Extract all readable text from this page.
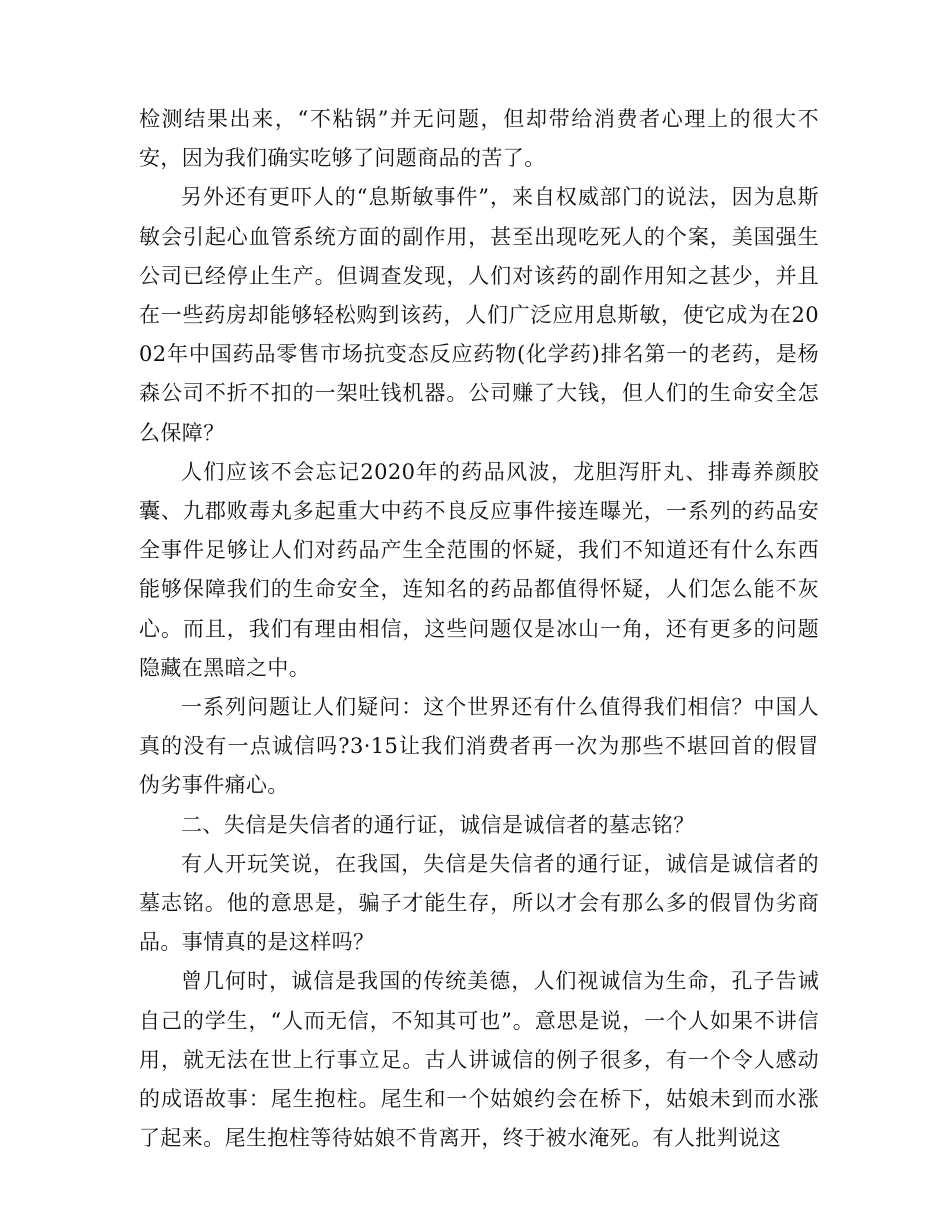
检测结果出来，“不粘锅”并无问题，但却带给消费者心理上的很大不安，因为我们确实吃够了问题商品的苦了。

另外还有更吓人的“息斯敏事件”，来自权威部门的说法，因为息斯敏会引起心血管系统方面的副作用，甚至出现吃死人的个案，美国强生公司已经停止生产。但调查发现，人们对该药的副作用知之甚少，并且在一些药房却能够轻松购到该药，人们广泛应用息斯敏，使它成为在2002年中国药品零售市场抗变态反应药物(化学药)排名第一的老药，是杨森公司不折不扣的一架吐钱机器。公司赚了大钱，但人们的生命安全怎么保障？

人们应该不会忘记2020年的药品风波，龙胆泻肝丸、排毒养颜胶囊、九郡败毒丸多起重大中药不良反应事件接连曝光，一系列的药品安全事件足够让人们对药品产生全范围的怀疑，我们不知道还有什么东西能够保障我们的生命安全，连知名的药品都值得怀疑，人们怎么能不灰心。而且，我们有理由相信，这些问题仅是冰山一角，还有更多的问题隐藏在黑暗之中。

一系列问题让人们疑问：这个世界还有什么值得我们相信？中国人真的没有一点诚信吗?3·15让我们消费者再一次为那些不堪回首的假冒伪劣事件痛心。

二、失信是失信者的通行证，诚信是诚信者的墓志铭？

有人开玩笑说，在我国，失信是失信者的通行证，诚信是诚信者的墓志铭。他的意思是，骗子才能生存，所以才会有那么多的假冒伪劣商品。事情真的是这样吗？

曾几何时，诚信是我国的传统美德，人们视诚信为生命，孔子告诫自己的学生，“人而无信，不知其可也”。意思是说，一个人如果不讲信用，就无法在世上行事立足。古人讲诚信的例子很多，有一个令人感动的成语故事：尾生抱柱。尾生和一个姑娘约会在桥下，姑娘未到而水涨了起来。尾生抱柱等待姑娘不肯离开，终于被水淹死。有人批判说这
